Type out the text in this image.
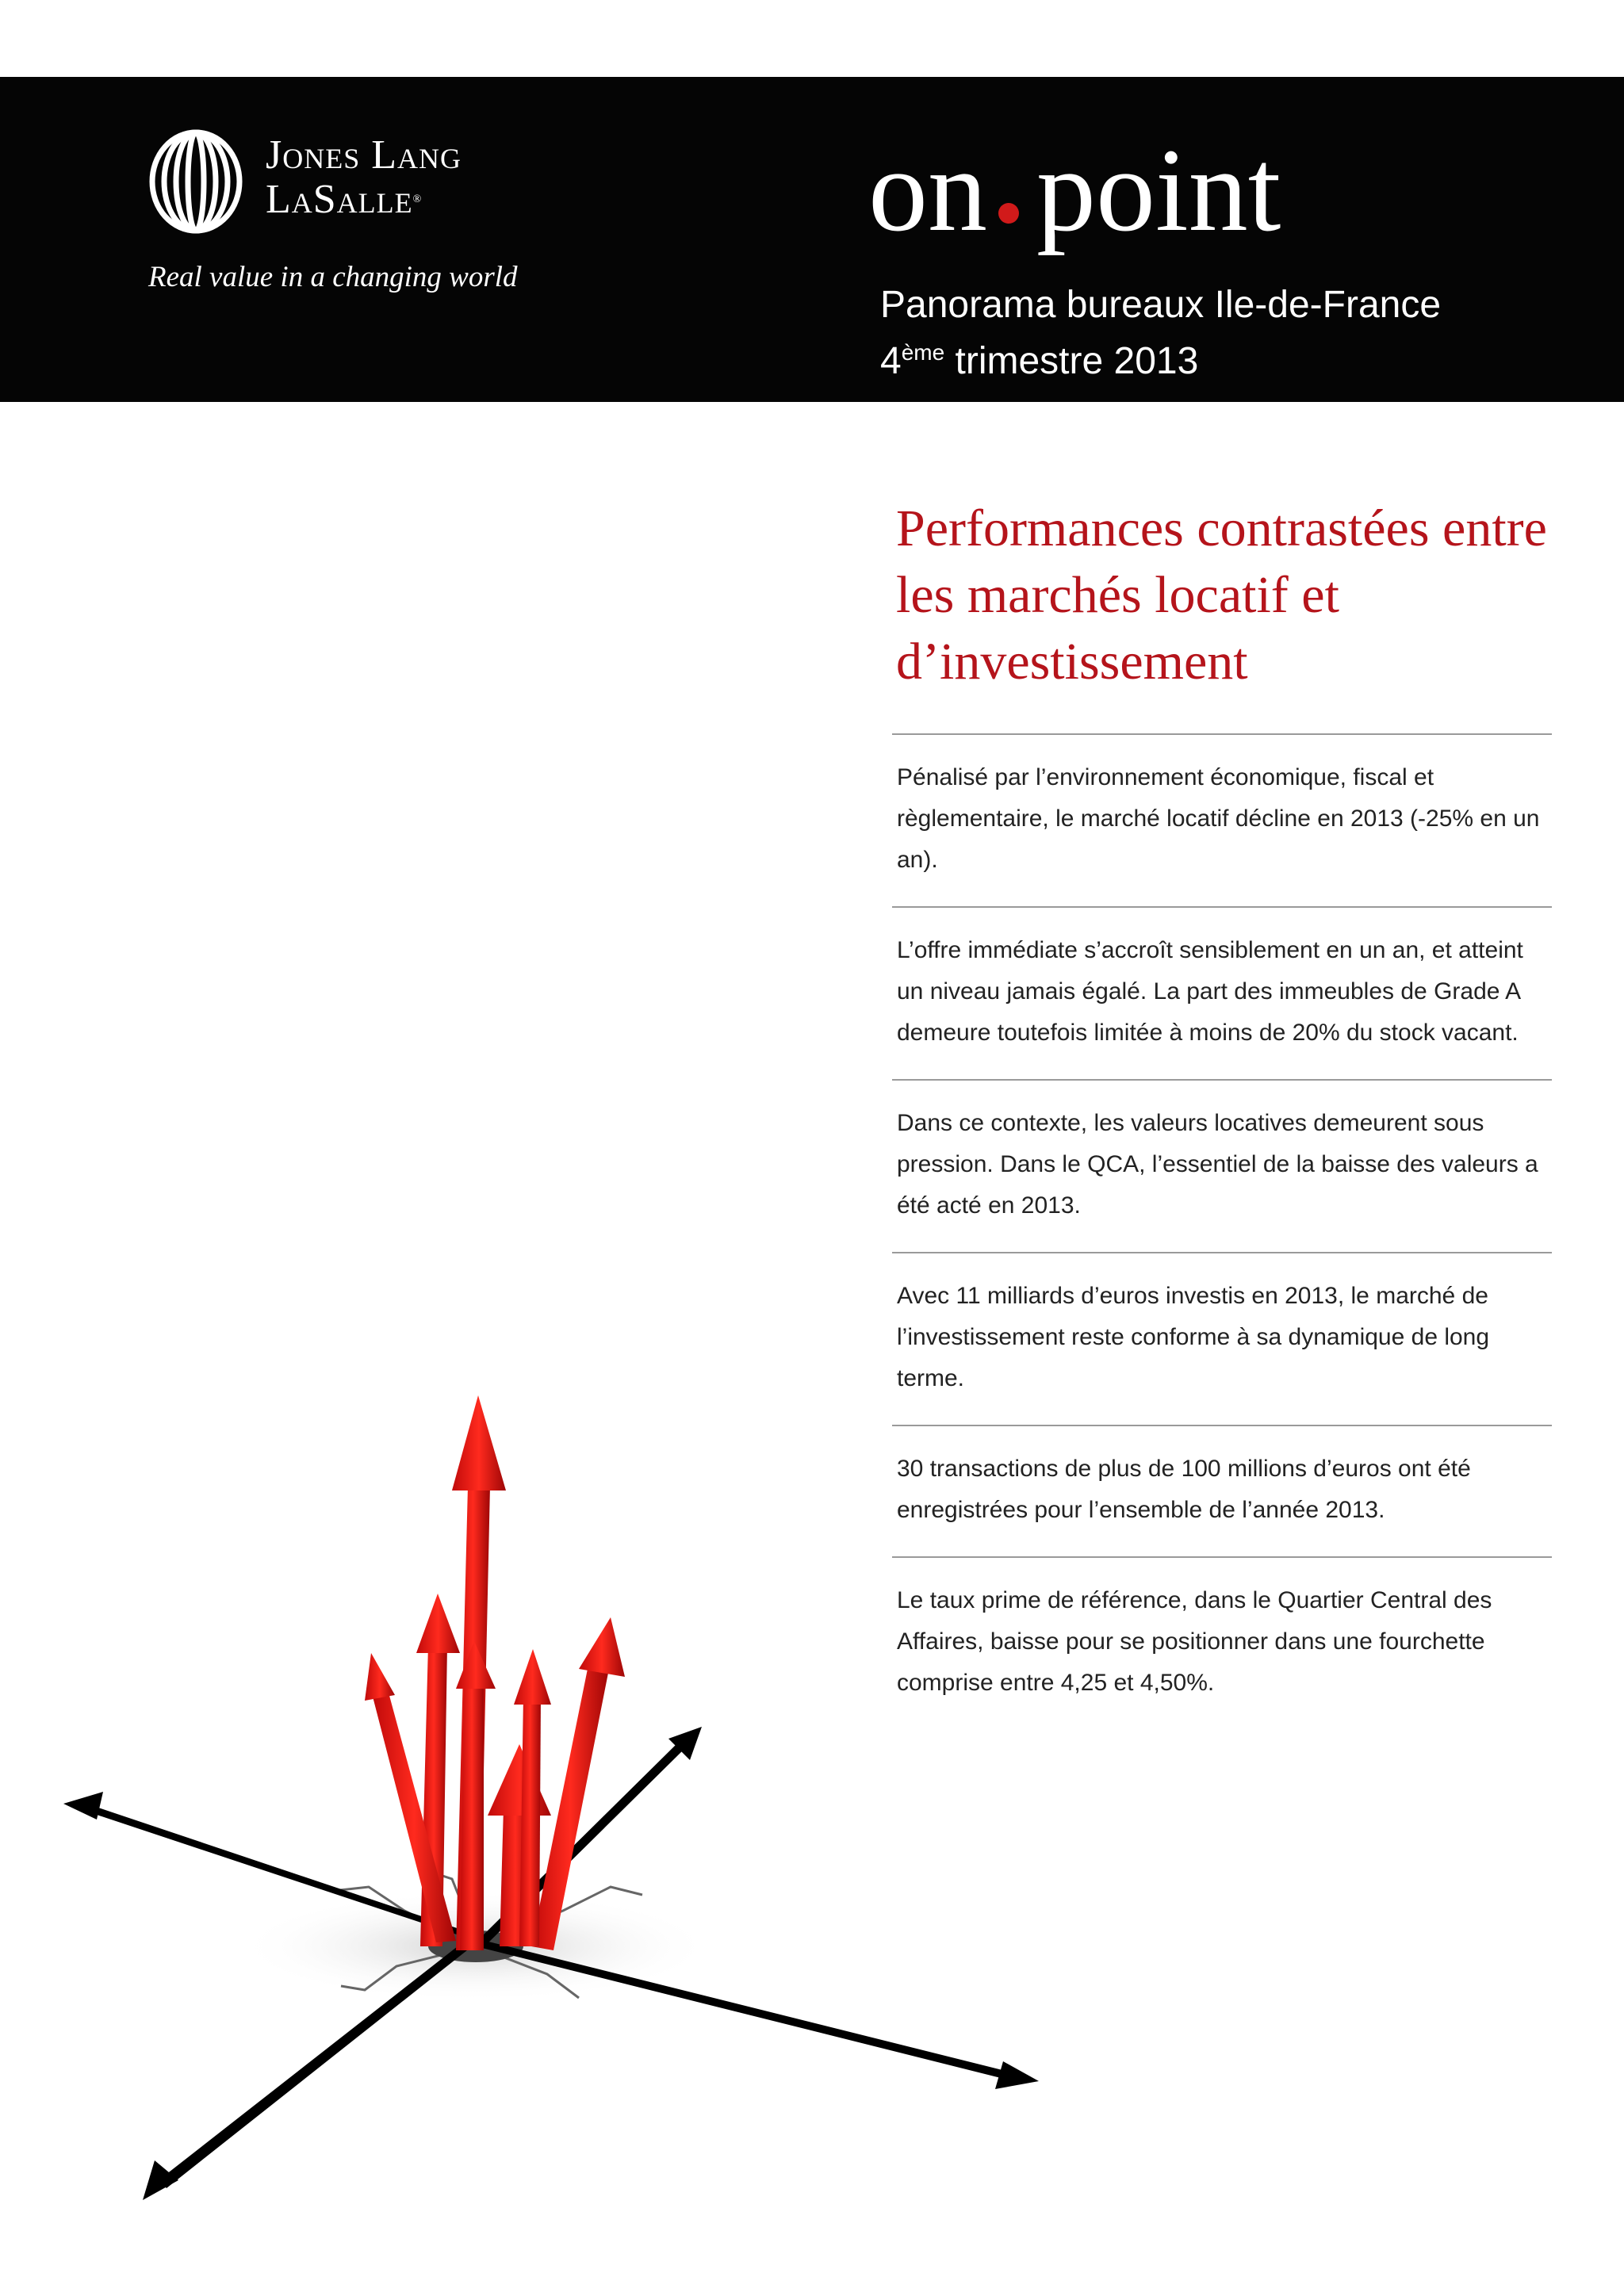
Jones Lang
LaSalle®
Real value in a changing world
on point
Panorama bureaux Ile-de-France
4ème trimestre 2013
Performances contrastées entre les marchés locatif et d’investissement
Pénalisé par l’environnement économique, fiscal et règlementaire, le marché locatif décline en 2013 (-25% en un an).
L’offre immédiate s’accroît sensiblement en un an, et atteint un niveau jamais égalé. La part des immeubles de Grade A demeure toutefois limitée à moins de 20% du stock vacant.
Dans ce contexte, les valeurs locatives demeurent sous pression. Dans le QCA, l’essentiel de la baisse des valeurs a été acté en 2013.
Avec 11 milliards d’euros investis en 2013, le marché de l’investissement reste conforme à sa dynamique de long terme.
30 transactions de plus de 100 millions d’euros ont été enregistrées pour l’ensemble de l’année 2013.
Le taux prime de référence, dans le Quartier Central des Affaires, baisse pour se positionner dans une fourchette comprise entre 4,25 et 4,50%.
